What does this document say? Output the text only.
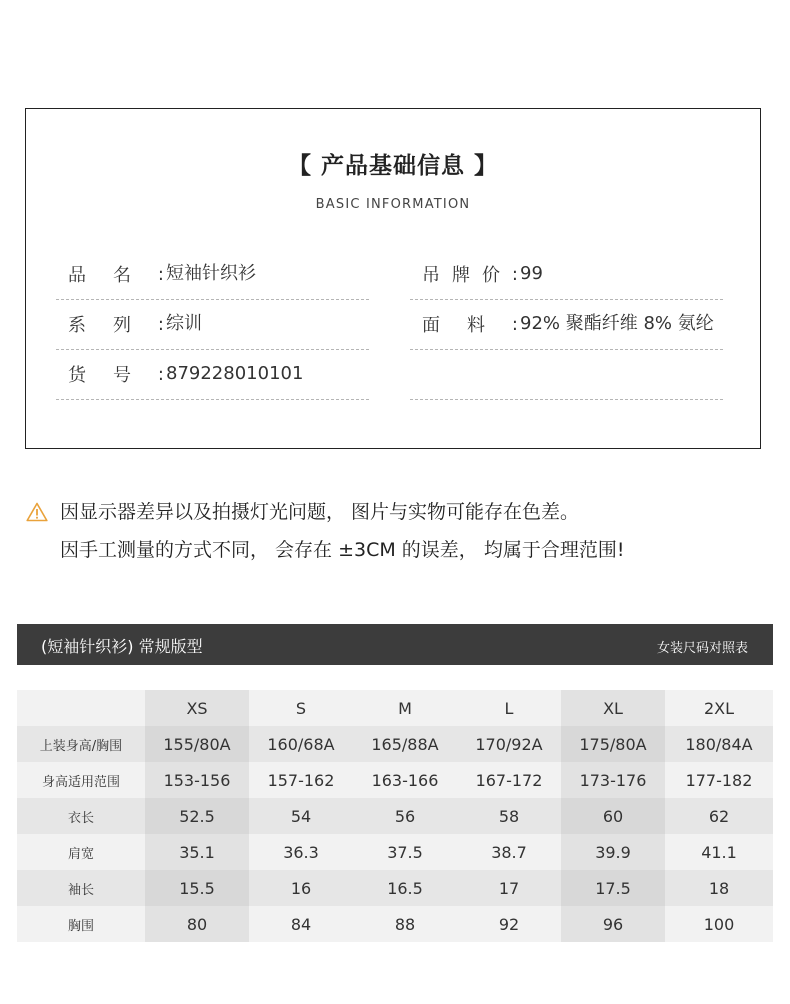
【 产品基础信息 】
BASIC INFORMATION
品 名 : 短袖针织衫
系 列 : 综训
货 号 : 879228010101
吊 牌 价 : 99
面 料 : 92% 聚酯纤维 8% 氨纶
因显示器差异以及拍摄灯光问题， 图片与实物可能存在色差。
因手工测量的方式不同， 会存在 ±3CM 的误差， 均属于合理范围!
(短袖针织衫) 常规版型	女装尺码对照表
	XS	S	M	L	XL	2XL
上装身高/胸围	155/80A	160/68A	165/88A	170/92A	175/80A	180/84A
身高适用范围	153-156	157-162	163-166	167-172	173-176	177-182
衣长	52.5	54	56	58	60	62
肩宽	35.1	36.3	37.5	38.7	39.9	41.1
袖长	15.5	16	16.5	17	17.5	18
胸围	80	84	88	92	96	100
